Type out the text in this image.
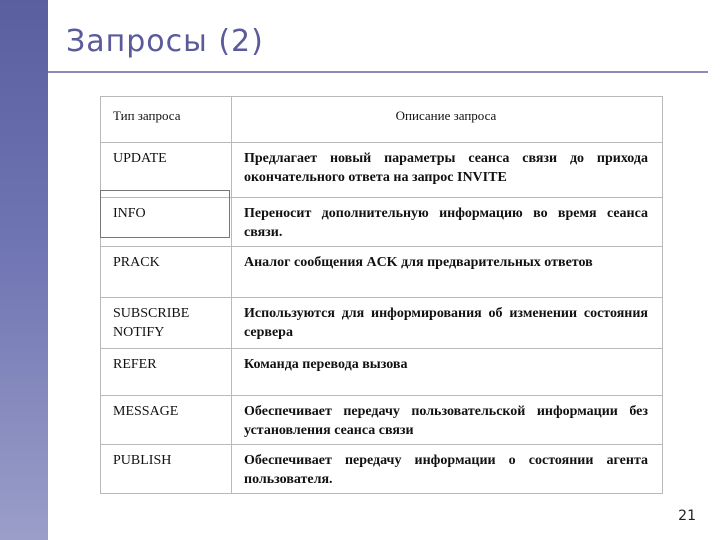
Запросы (2)
Тип запроса	Описание запроса
UPDATE	Предлагает новый параметры сеанса связи до прихода окончательного ответа на запрос INVITE
INFO	Переносит дополнительную информацию во время сеанса связи.
PRACK	Аналог сообщения ACK для предварительных ответов
SUBSCRIBE NOTIFY	Используются для информирования об изменении состояния сервера
REFER	Команда перевода вызова
MESSAGE	Обеспечивает передачу пользовательской информации без установления сеанса связи
PUBLISH	Обеспечивает передачу информации о состоянии агента пользователя.
21
